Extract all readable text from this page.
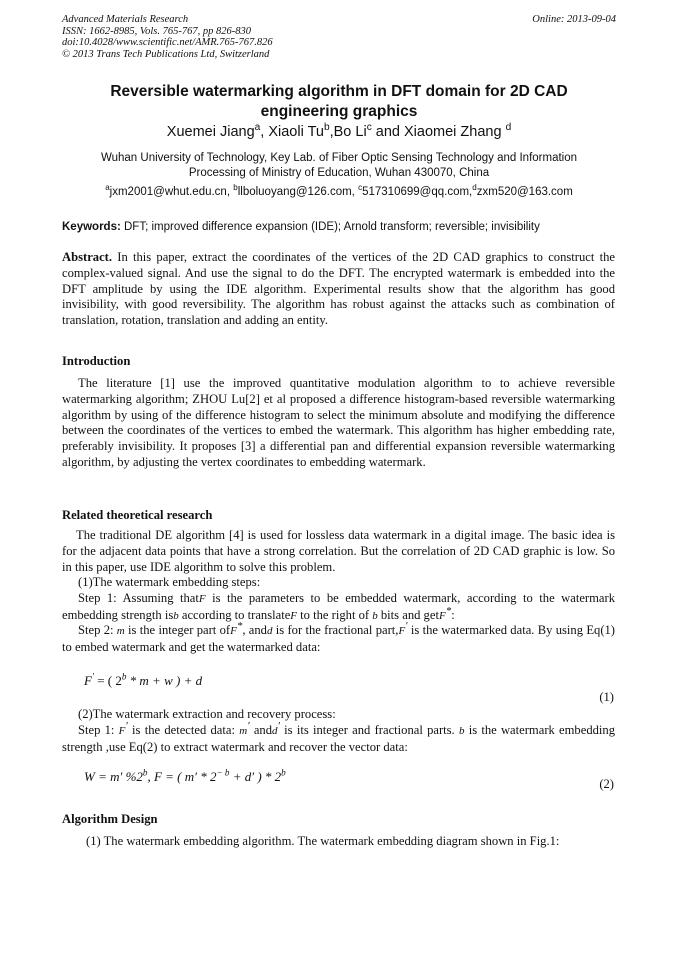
Advanced Materials Research
ISSN: 1662-8985, Vols. 765-767, pp 826-830
doi:10.4028/www.scientific.net/AMR.765-767.826
© 2013 Trans Tech Publications Ltd, Switzerland
Online: 2013-09-04
Reversible watermarking algorithm in DFT domain for 2D CAD
engineering graphics
Xuemei Jiang$^a$, Xiaoli Tu$^b$,Bo Li$^c$ and Xiaomei Zhang $^d$
Wuhan University of Technology, Key Lab. of Fiber Optic Sensing Technology and Information
Processing of Ministry of Education, Wuhan 430070, China
$^a$jxm2001@whut.edu.cn, $^b$llboluoyang@126.com, $^c$517310699@qq.com,$^d$zxm520@163.com
Keywords: DFT; improved difference expansion (IDE); Arnold transform; reversible; invisibility
Abstract. In this paper, extract the coordinates of the vertices of the 2D CAD graphics to construct the complex-valued signal. And use the signal to do the DFT. The encrypted watermark is embedded into the DFT amplitude by using the IDE algorithm. Experimental results show that the algorithm has good invisibility, with good reversibility. The algorithm has robust against the attacks such as combination of translation, rotation, translation and adding an entity.
Introduction
The literature [1] use the improved quantitative modulation algorithm to to achieve reversible watermarking algorithm; ZHOU Lu[2] et al proposed a difference histogram-based reversible watermarking algorithm by using of the difference histogram to select the minimum absolute and modifying the difference between the coordinates of the vertices to embed the watermark. This algorithm has higher embedding rate, preferably invisibility. It proposes [3] a differential pan and differential expansion reversible watermarking algorithm, by adjusting the vertex coordinates to embedding watermark.
Related theoretical research
The traditional DE algorithm [4] is used for lossless data watermark in a digital image. The basic idea is for the adjacent data points that have a strong correlation. But the correlation of 2D CAD graphic is low. So in this paper, use IDE algorithm to solve this problem.
(1)The watermark embedding steps:
Step 1: Assuming thatF is the parameters to be embedded watermark, according to the watermark embedding strength isb according to translateF to the right of b bits and getF*:
Step 2: m is the integer part ofF*, andd is for the fractional part,F′ is the watermarked data. By using Eq(1) to embed watermark and get the watermarked data:
F′ = ( 2$^b$ * m + w ) + d
(1)
(2)The watermark extraction and recovery process:
Step 1: F′ is the detected data: m′ andd′ is its integer and fractional parts. b is the watermark embedding strength ,use Eq(2) to extract watermark and recover the vector data:
W = m′ %2$^b$, F = ( $m' * 2^{- b} + d'$ ) * 2$^b$
(2)
Algorithm Design
(1) The watermark embedding algorithm. The watermark embedding diagram shown in Fig.1:
